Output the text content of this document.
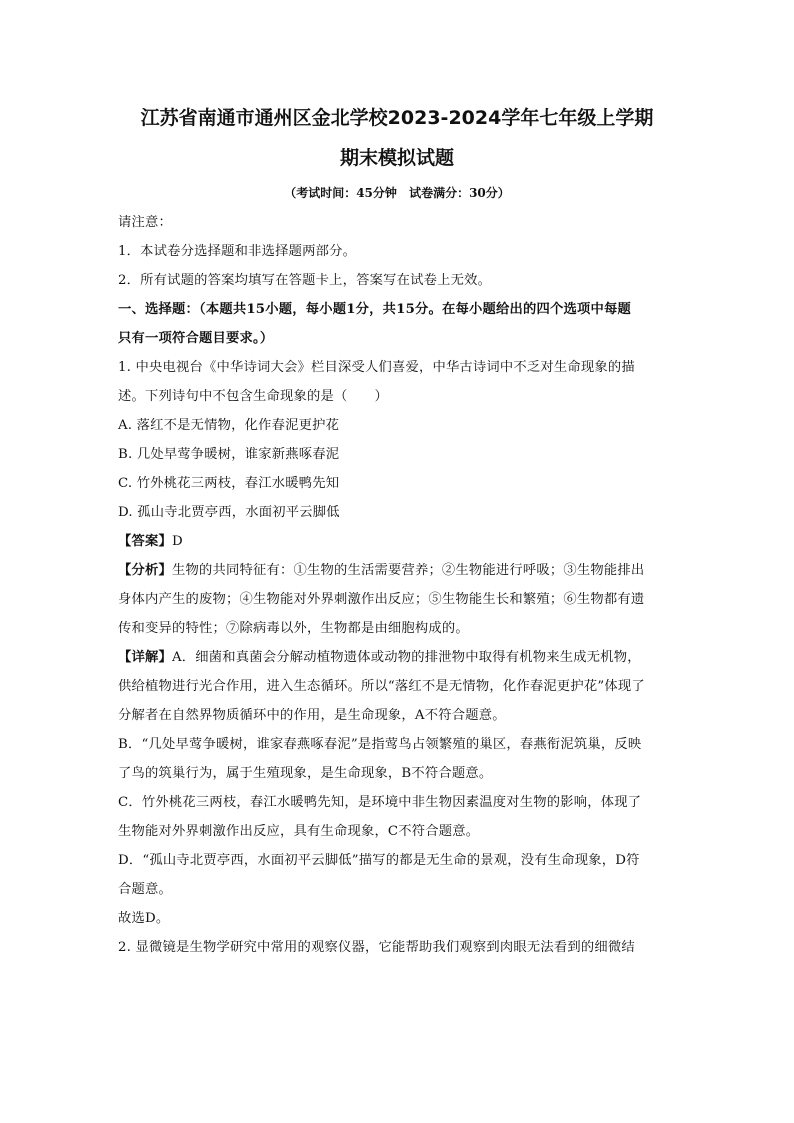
江苏省南通市通州区金北学校2023-2024学年七年级上学期
期末模拟试题
（考试时间：45分钟 试卷满分：30分）

请注意：

1．本试卷分选择题和非选择题两部分。

2．所有试题的答案均填写在答题卡上，答案写在试卷上无效。

一、选择题：（本题共15小题，每小题1分，共15分。在每小题给出的四个选项中每题

只有一项符合题目要求。）

1. 中央电视台《中华诗词大会》栏目深受人们喜爱，中华古诗词中不乏对生命现象的描

述。下列诗句中不包含生命现象的是（　　）

A. 落红不是无情物，化作春泥更护花

B. 几处早莺争暖树，谁家新燕啄春泥

C. 竹外桃花三两枝，春江水暖鸭先知

D. 孤山寺北贾亭西，水面初平云脚低

【答案】D

【分析】生物的共同特征有：①生物的生活需要营养；②生物能进行呼吸；③生物能排出

身体内产生的废物；④生物能对外界刺激作出反应；⑤生物能生长和繁殖；⑥生物都有遗

传和变异的特性；⑦除病毒以外，生物都是由细胞构成的。

【详解】A．细菌和真菌会分解动植物遗体或动物的排泄物中取得有机物来生成无机物，

供给植物进行光合作用，进入生态循环。所以“落红不是无情物，化作春泥更护花”体现了

分解者在自然界物质循环中的作用，是生命现象，A不符合题意。

B．“几处早莺争暖树，谁家春燕啄春泥”是指莺鸟占领繁殖的巢区，春燕衔泥筑巢，反映

了鸟的筑巢行为，属于生殖现象，是生命现象，B不符合题意。

C．竹外桃花三两枝，春江水暖鸭先知，是环境中非生物因素温度对生物的影响，体现了

生物能对外界刺激作出反应，具有生命现象，C不符合题意。

D．“孤山寺北贾亭西，水面初平云脚低”描写的都是无生命的景观，没有生命现象，D符

合题意。

故选D。

2. 显微镜是生物学研究中常用的观察仪器，它能帮助我们观察到肉眼无法看到的细微结
